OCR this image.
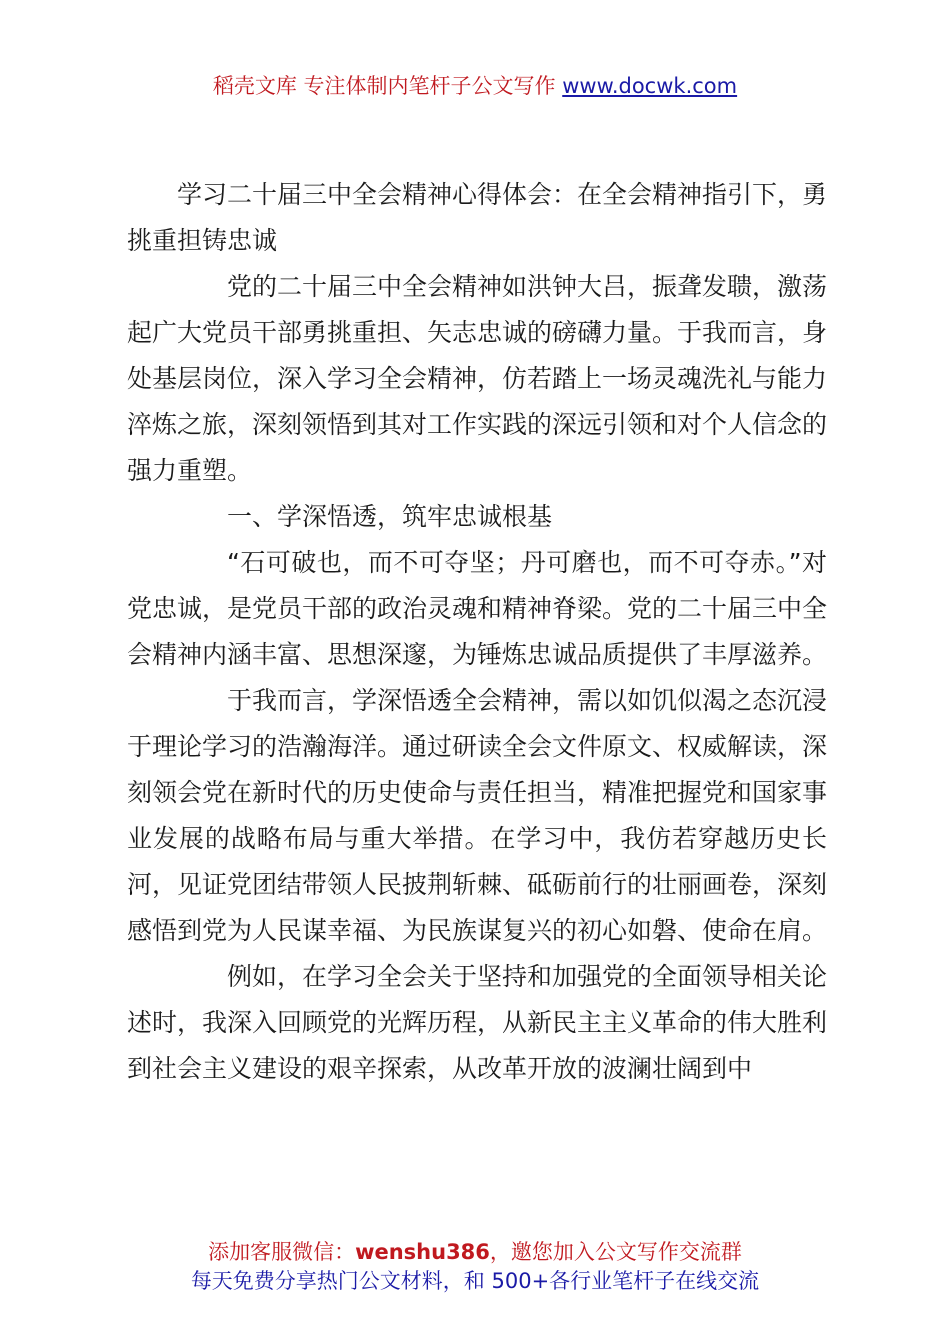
稻壳文库 专注体制内笔杆子公文写作 www.docwk.com

学习二十届三中全会精神心得体会：在全会精神指引下，勇挑重担铸忠诚

党的二十届三中全会精神如洪钟大吕，振聋发聩，激荡起广大党员干部勇挑重担、矢志忠诚的磅礴力量。于我而言，身处基层岗位，深入学习全会精神，仿若踏上一场灵魂洗礼与能力淬炼之旅，深刻领悟到其对工作实践的深远引领和对个人信念的强力重塑。

一、学深悟透，筑牢忠诚根基

“石可破也，而不可夺坚；丹可磨也，而不可夺赤。”对党忠诚，是党员干部的政治灵魂和精神脊梁。党的二十届三中全会精神内涵丰富、思想深邃，为锤炼忠诚品质提供了丰厚滋养。

于我而言，学深悟透全会精神，需以如饥似渴之态沉浸于理论学习的浩瀚海洋。通过研读全会文件原文、权威解读，深刻领会党在新时代的历史使命与责任担当，精准把握党和国家事业发展的战略布局与重大举措。在学习中，我仿若穿越历史长河，见证党团结带领人民披荆斩棘、砥砺前行的壮丽画卷，深刻感悟到党为人民谋幸福、为民族谋复兴的初心如磐、使命在肩。

例如，在学习全会关于坚持和加强党的全面领导相关论述时，我深入回顾党的光辉历程，从新民主主义革命的伟大胜利到社会主义建设的艰辛探索，从改革开放的波澜壮阔到中

添加客服微信：wenshu386，邀您加入公文写作交流群
每天免费分享热门公文材料，和 500+各行业笔杆子在线交流
